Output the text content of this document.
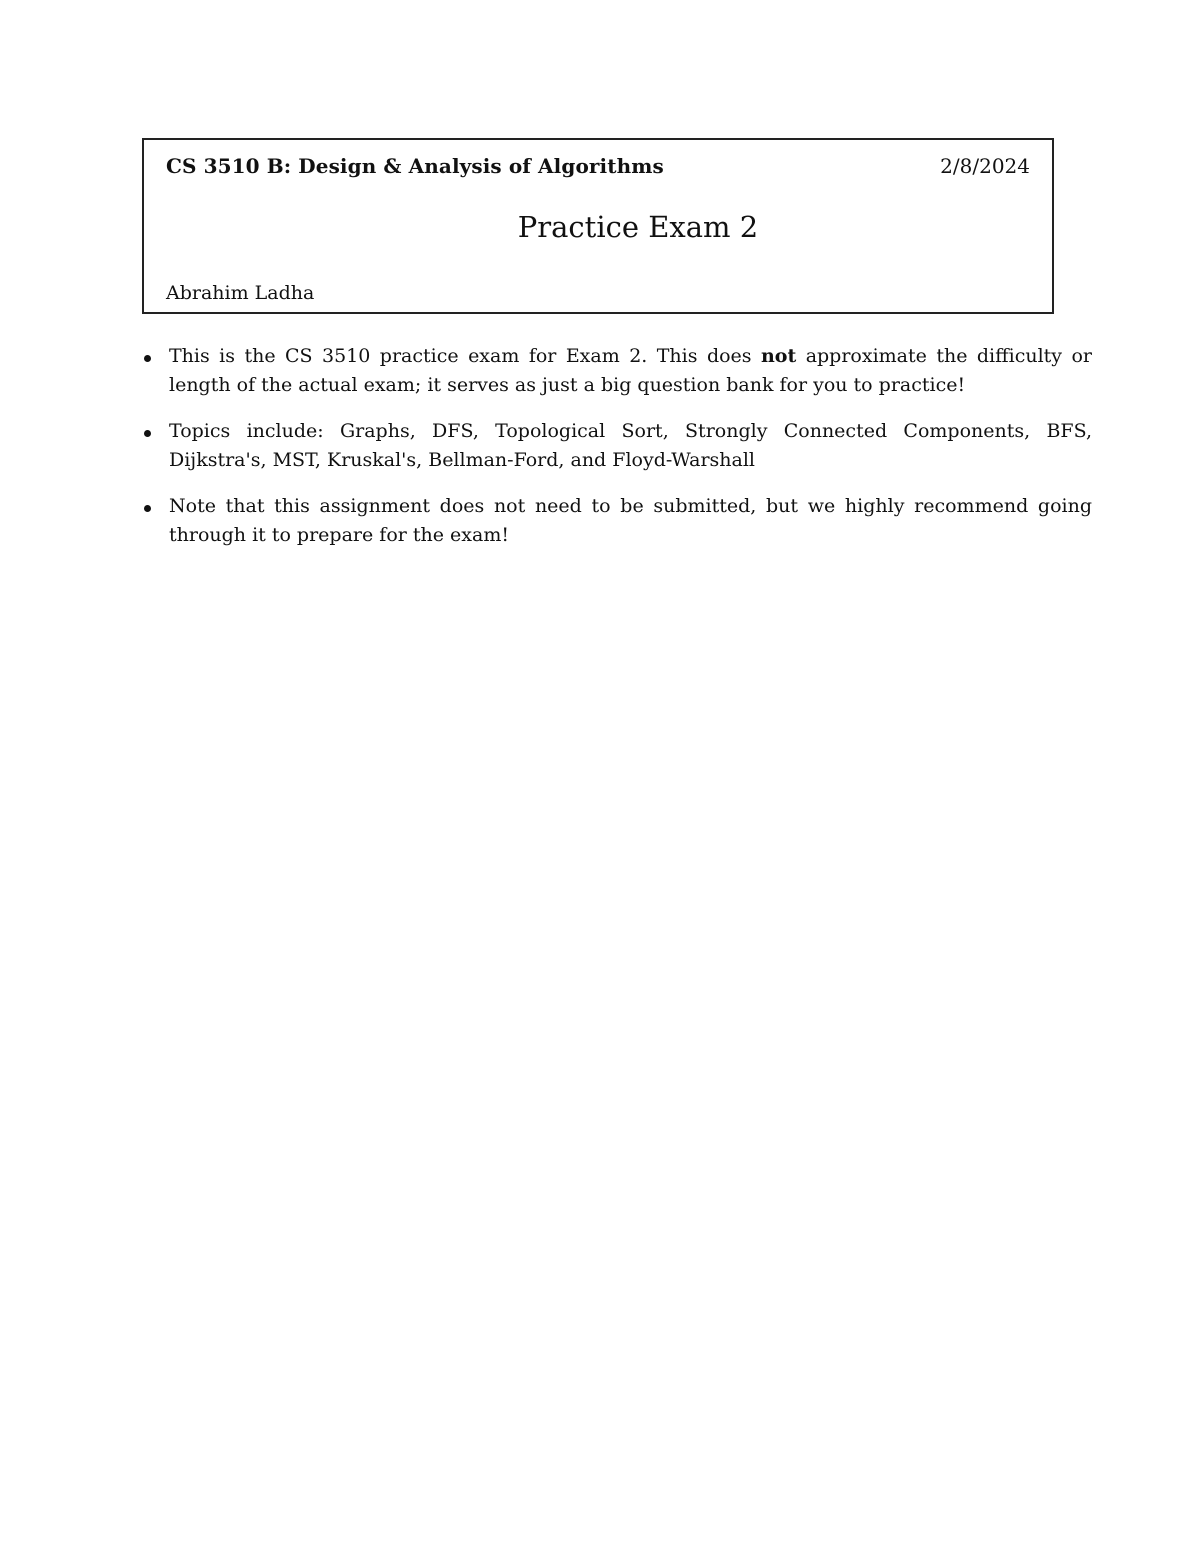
CS 3510 B: Design & Analysis of Algorithms	2/8/2024
Practice Exam 2
Abrahim Ladha
This is the CS 3510 practice exam for Exam 2. This does not approximate the difficulty or length of the actual exam; it serves as just a big question bank for you to practice!
Topics include: Graphs, DFS, Topological Sort, Strongly Connected Components, BFS, Dijkstra's, MST, Kruskal's, Bellman-Ford, and Floyd-Warshall
Note that this assignment does not need to be submitted, but we highly recommend going through it to prepare for the exam!
